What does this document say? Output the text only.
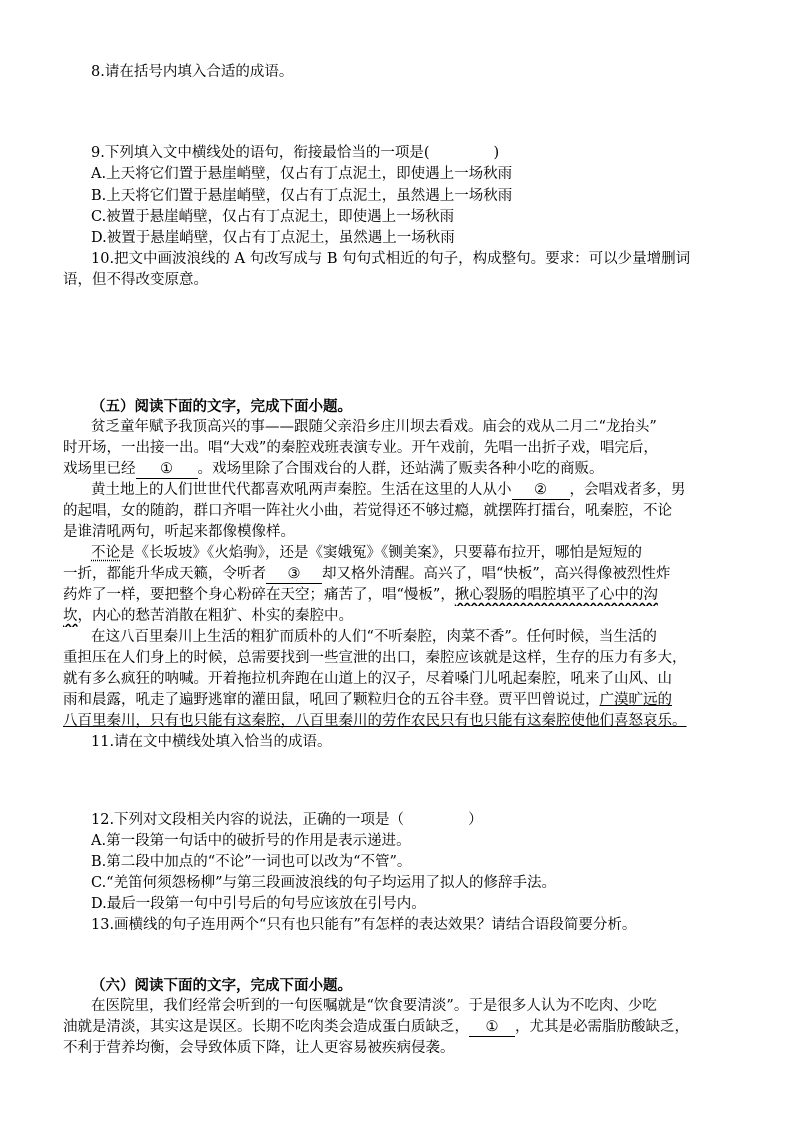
8.请在括号内填入合适的成语。
9.下列填入文中横线处的语句，衔接最恰当的一项是(	)
A.上天将它们置于悬崖峭壁，仅占有丁点泥土，即使遇上一场秋雨
B.上天将它们置于悬崖峭壁，仅占有丁点泥土，虽然遇上一场秋雨
C.被置于悬崖峭壁，仅占有丁点泥土，即使遇上一场秋雨
D.被置于悬崖峭壁，仅占有丁点泥土，虽然遇上一场秋雨
10.把文中画波浪线的 A 句改写成与 B 句句式相近的句子，构成整句。要求：可以少量增删词
语，但不得改变原意。
（五）阅读下面的文字，完成下面小题。
贫乏童年赋予我顶高兴的事——跟随父亲沿乡庄川坝去看戏。庙会的戏从二月二“龙抬头”
时开场，一出接一出。唱“大戏”的秦腔戏班表演专业。开午戏前，先唱一出折子戏，唱完后，
戏场里已经 ① 。戏场里除了合围戏台的人群，还站满了贩卖各种小吃的商贩。
黄土地上的人们世世代代都喜欢吼两声秦腔。生活在这里的人从小 ② ，会唱戏者多，男
的起唱，女的随韵，群口齐唱一阵社火小曲，若觉得还不够过瘾，就摆阵打擂台，吼秦腔，不论
是谁清吼两句，听起来都像模像样。
不论是《长坂坡》《火焰驹》，还是《窦娥冤》《铡美案》，只要幕布拉开，哪怕是短短的
一折，都能升华成天籁，令听者 ③ 却又格外清醒。高兴了，唱“快板”，高兴得像被烈性炸
药炸了一样，要把整个身心粉碎在天空；痛苦了，唱“慢板”，揪心裂肠的唱腔填平了心中的沟
坎，内心的愁苦消散在粗犷、朴实的秦腔中。
在这八百里秦川上生活的粗犷而质朴的人们“不听秦腔，肉菜不香”。任何时候，当生活的
重担压在人们身上的时候，总需要找到一些宣泄的出口，秦腔应该就是这样，生存的压力有多大，
就有多么疯狂的呐喊。开着拖拉机奔跑在山道上的汉子，尽着嗓门儿吼起秦腔，吼来了山风、山
雨和晨露，吼走了遍野逃窜的灌田鼠，吼回了颗粒归仓的五谷丰登。贾平凹曾说过，广漠旷远的
八百里秦川，只有也只能有这秦腔，八百里秦川的劳作农民只有也只能有这秦腔使他们喜怒哀乐。
11.请在文中横线处填入恰当的成语。
12.下列对文段相关内容的说法，正确的一项是（	）
A.第一段第一句话中的破折号的作用是表示递进。
B.第二段中加点的“不论”一词也可以改为“不管”。
C.“羌笛何须怨杨柳”与第三段画波浪线的句子均运用了拟人的修辞手法。
D.最后一段第一句中引号后的句号应该放在引号内。
13.画横线的句子连用两个“只有也只能有”有怎样的表达效果？请结合语段简要分析。
（六）阅读下面的文字，完成下面小题。
在医院里，我们经常会听到的一句医嘱就是“饮食要清淡”。于是很多人认为不吃肉、少吃
油就是清淡，其实这是误区。长期不吃肉类会造成蛋白质缺乏， ① ，尤其是必需脂肪酸缺乏，
不利于营养均衡，会导致体质下降，让人更容易被疾病侵袭。
